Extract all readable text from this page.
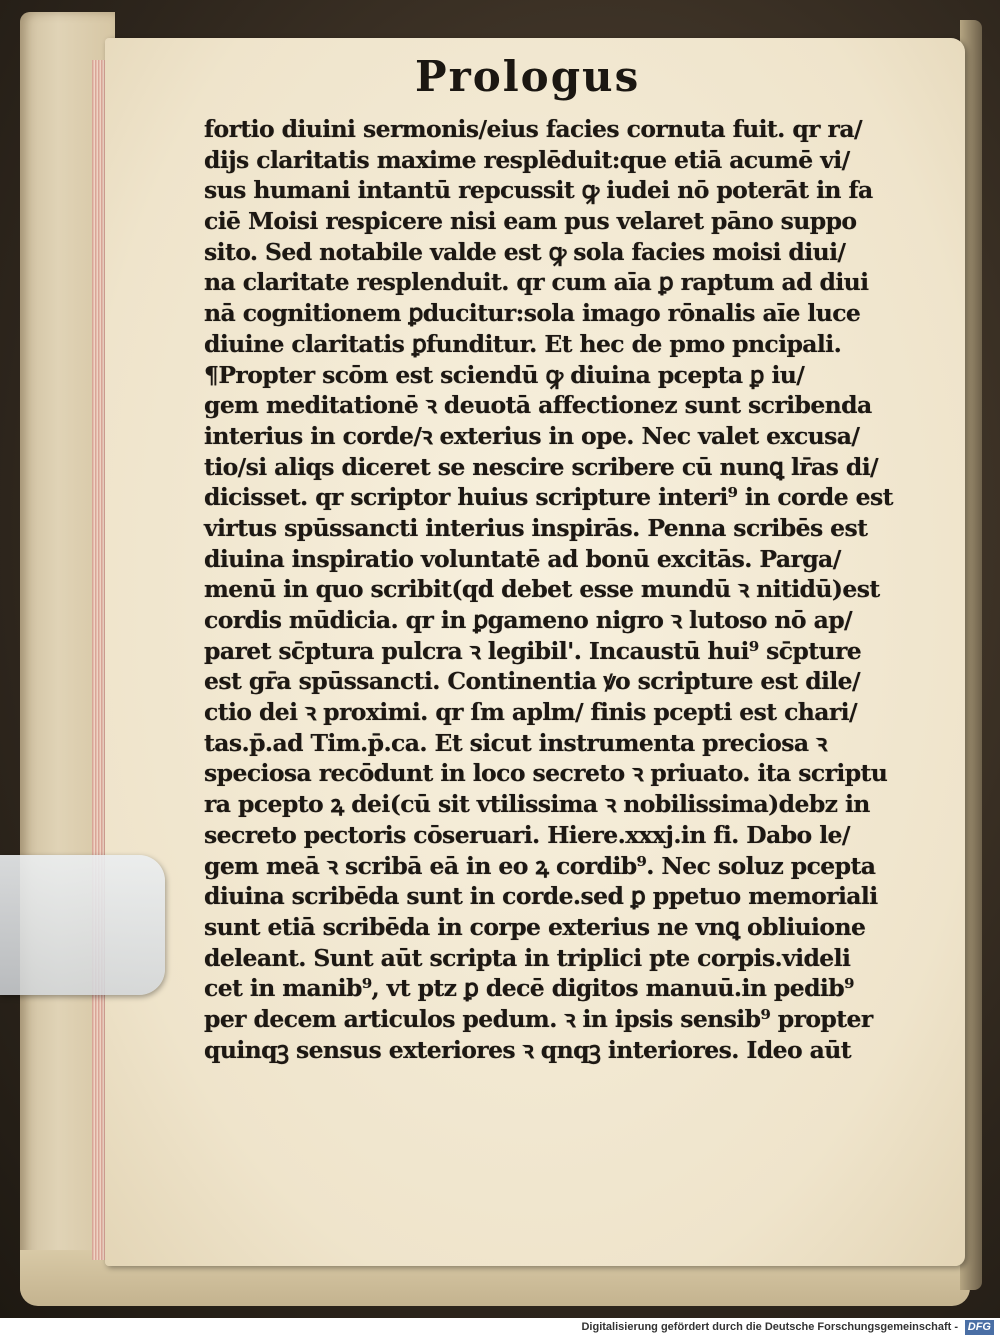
Prologus
fortio diuini sermonis/eius facies cornuta fuit. qr ra/
dijs claritatis maxime resplēduit:que etiā acumē vi/
sus humani intantū repcussit ꝙ iudei nō poterāt in fa
ciē Moisi respicere nisi eam pus velaret pāno suppo
sito. Sed notabile valde est ꝙ sola facies moisi diui/
na claritate resplenduit. qr cum aīa ꝑ raptum ad diui
nā cognitionem ꝑducitur:sola imago rōnalis aīe luce
diuine claritatis ꝑfunditur. Et hec de pmo pncipali.
¶Propter scōm est sciendū ꝙ diuina pcepta ꝑ iu/
gem meditationē ꝛ deuotā affectionez sunt scribenda
interius in corde/ꝛ exterius in ope. Nec valet excusa/
tio/si aliqs diceret se nescire scribere cū nunꝗ lr̄as di/
dicisset. qr scriptor huius scripture interi⁹ in corde est
virtus spūssancti interius inspirās. Penna scribēs est
diuina inspiratio voluntatē ad bonū excitās. Parga/
menū in quo scribit(qd debet esse mundū ꝛ nitidū)est
cordis mūdicia. qr in ꝑgameno nigro ꝛ lutoso nō ap/
paret sc̄ptura pulcra ꝛ legibil'. Incaustū hui⁹ sc̄pture
est gr̄a spūssancti. Continentia ꝟo scripture est dile/
ctio dei ꝛ proximi. qr ſm aplm/ finis pcepti est chari/
tas.p̄.ad Tim.p̄.ca. Et sicut instrumenta preciosa ꝛ
speciosa recōdunt in loco secreto ꝛ priuato. ita scriptu
ra pcepto ꝝ dei(cū sit vtilissima ꝛ nobilissima)debz in
secreto pectoris cōseruari. Hiere.xxxj.in fi. Dabo le/
gem meā ꝛ scribā eā in eo ꝝ cordib⁹. Nec soluz pcepta
diuina scribēda sunt in corde.sed ꝑ ppetuo memoriali
sunt etiā scribēda in corpe exterius ne vnꝗ obliuione
deleant. Sunt aūt scripta in triplici pte corpis.videli
cet in manib⁹, vt ptz ꝑ decē digitos manuū.in pedib⁹
per decem articulos pedum. ꝛ in ipsis sensib⁹ propter
quinqꝫ sensus exteriores ꝛ qnqꝫ interiores. Ideo aūt
Digitalisierung gefördert durch die Deutsche Forschungsgemeinschaft - DFG
